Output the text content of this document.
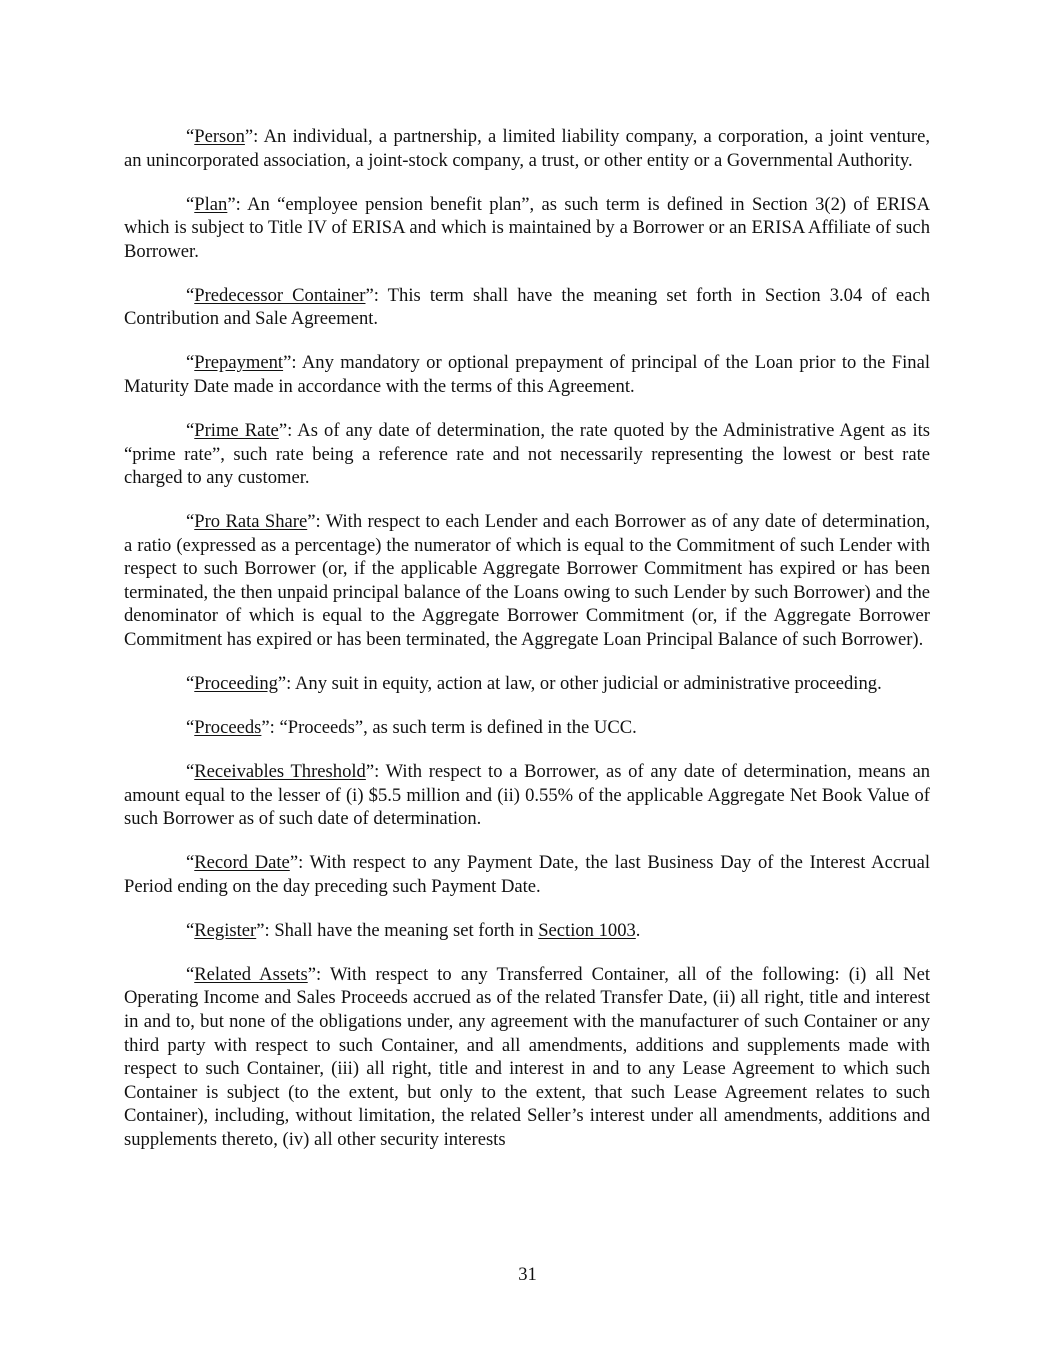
“Person”: An individual, a partnership, a limited liability company, a corporation, a joint venture, an unincorporated association, a joint-stock company, a trust, or other entity or a Governmental Authority.

“Plan”: An “employee pension benefit plan”, as such term is defined in Section 3(2) of ERISA which is subject to Title IV of ERISA and which is maintained by a Borrower or an ERISA Affiliate of such Borrower.

“Predecessor Container”: This term shall have the meaning set forth in Section 3.04 of each Contribution and Sale Agreement.

“Prepayment”: Any mandatory or optional prepayment of principal of the Loan prior to the Final Maturity Date made in accordance with the terms of this Agreement.

“Prime Rate”: As of any date of determination, the rate quoted by the Administrative Agent as its “prime rate”, such rate being a reference rate and not necessarily representing the lowest or best rate charged to any customer.

“Pro Rata Share”: With respect to each Lender and each Borrower as of any date of determination, a ratio (expressed as a percentage) the numerator of which is equal to the Commitment of such Lender with respect to such Borrower (or, if the applicable Aggregate Borrower Commitment has expired or has been terminated, the then unpaid principal balance of the Loans owing to such Lender by such Borrower) and the denominator of which is equal to the Aggregate Borrower Commitment (or, if the Aggregate Borrower Commitment has expired or has been terminated, the Aggregate Loan Principal Balance of such Borrower).

“Proceeding”: Any suit in equity, action at law, or other judicial or administrative proceeding.

“Proceeds”: “Proceeds”, as such term is defined in the UCC.

“Receivables Threshold”: With respect to a Borrower, as of any date of determination, means an amount equal to the lesser of (i) $5.5 million and (ii) 0.55% of the applicable Aggregate Net Book Value of such Borrower as of such date of determination.

“Record Date”: With respect to any Payment Date, the last Business Day of the Interest Accrual Period ending on the day preceding such Payment Date.

“Register”: Shall have the meaning set forth in Section 1003.

“Related Assets”: With respect to any Transferred Container, all of the following: (i) all Net Operating Income and Sales Proceeds accrued as of the related Transfer Date, (ii) all right, title and interest in and to, but none of the obligations under, any agreement with the manufacturer of such Container or any third party with respect to such Container, and all amendments, additions and supplements made with respect to such Container, (iii) all right, title and interest in and to any Lease Agreement to which such Container is subject (to the extent, but only to the extent, that such Lease Agreement relates to such Container), including, without limitation, the related Seller’s interest under all amendments, additions and supplements thereto, (iv) all other security interests

31
